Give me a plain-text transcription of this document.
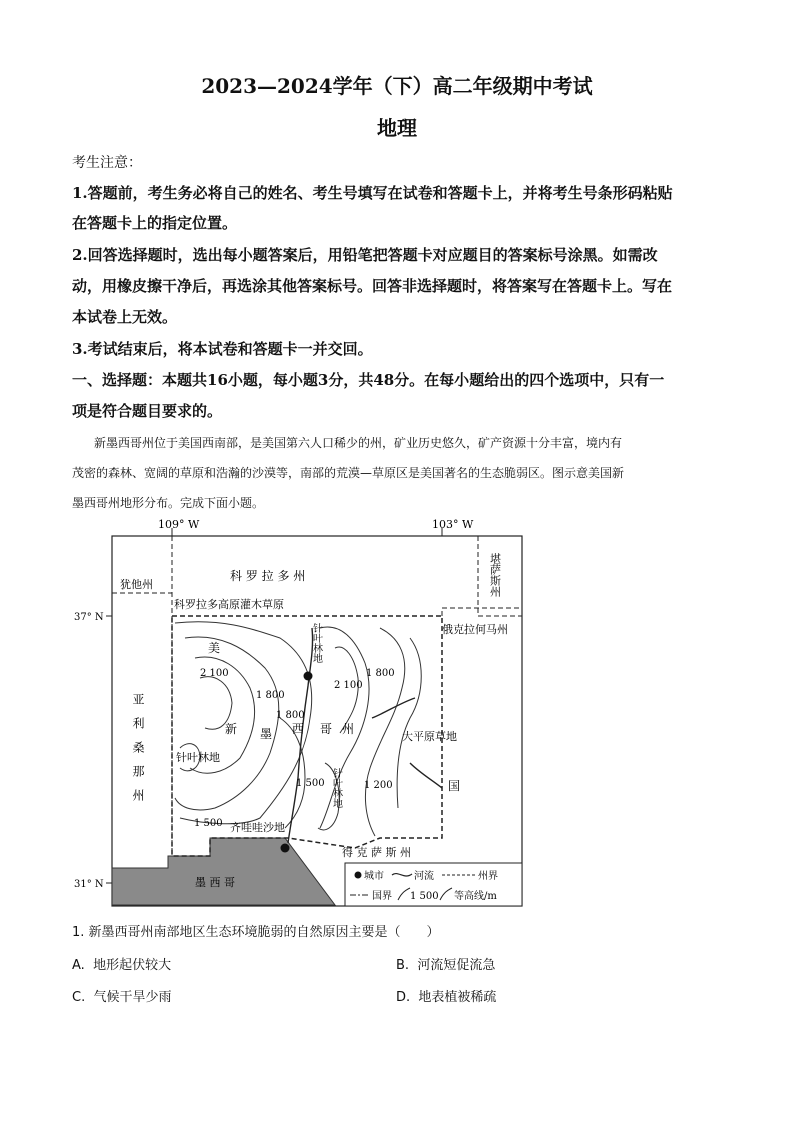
2023—2024学年（下）高二年级期中考试
地理
考生注意：
1.答题前，考生务必将自己的姓名、考生号填写在试卷和答题卡上，并将考生号条形码粘贴
在答题卡上的指定位置。
2.回答选择题时，选出每小题答案后，用铅笔把答题卡对应题目的答案标号涂黑。如需改
动，用橡皮擦干净后，再选涂其他答案标号。回答非选择题时，将答案写在答题卡上。写在
本试卷上无效。
3.考试结束后，将本试卷和答题卡一并交回。
一、选择题：本题共16小题，每小题3分，共48分。在每小题给出的四个选项中，只有一
项是符合题目要求的。
新墨西哥州位于美国西南部，是美国第六人口稀少的州，矿业历史悠久，矿产资源十分丰富，境内有
茂密的森林、宽阔的草原和浩瀚的沙漠等，南部的荒漠—草原区是美国著名的生态脆弱区。图示意美国新
墨西哥州地形分布。完成下面小题。
109° W	103° W
37° N
31° N
犹他州
科 罗 拉 多 州
科罗拉多高原灌木草原
堪萨斯州
俄克拉何马州
亚利桑那州
美
国
新 墨 西 哥 州
针叶林地
针叶林地
针叶林地
大平原草地
齐哇哇沙地
得 克 萨 斯 州
墨 西 哥
2 100
2 100
1 800
1 800
1 800
1 500
1 500	1 200
城市	河流	州界
国界 1 500 等高线/m
1. 新墨西哥州南部地区生态环境脆弱的自然原因主要是（　　）
A. 地形起伏较大	B. 河流短促流急
C. 气候干旱少雨	D. 地表植被稀疏
